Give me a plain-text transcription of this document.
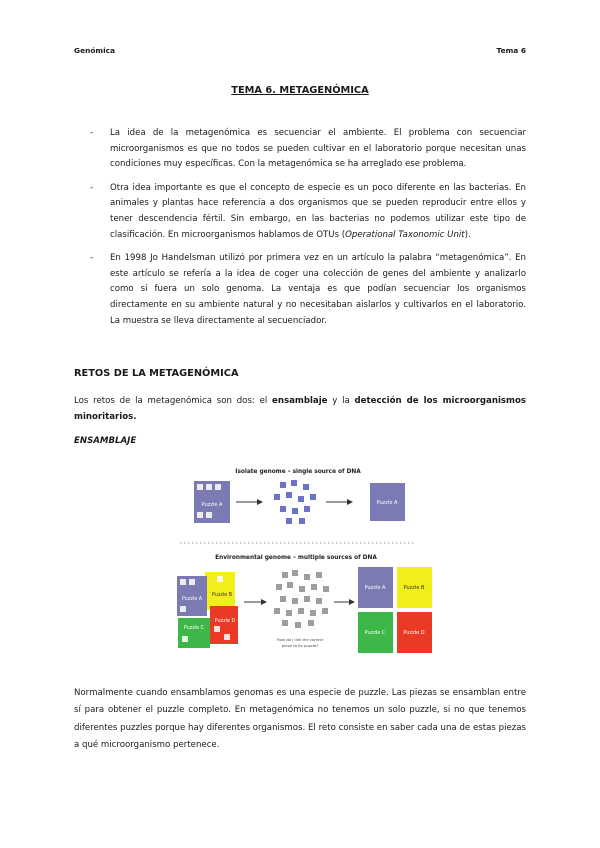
Genómica	Tema 6
TEMA 6. METAGENÓMICA
- La idea de la metagenómica es secuenciar el ambiente. El problema con secuenciar microorganismos es que no todos se pueden cultivar en el laboratorio porque necesitan unas condiciones muy específicas. Con la metagenómica se ha arreglado ese problema.
- Otra idea importante es que el concepto de especie es un poco diferente en las bacterias. En animales y plantas hace referencia a dos organismos que se pueden reproducir entre ellos y tener descendencia fértil. Sin embargo, en las bacterias no podemos utilizar este tipo de clasificación. En microorganismos hablamos de OTUs (Operational Taxonomic Unit).
- En 1998 Jo Handelsman utilizó por primera vez en un artículo la palabra “metagenómica”. En este artículo se refería a la idea de coger una colección de genes del ambiente y analizarlo como si fuera un solo genoma. La ventaja es que podían secuenciar los organismos directamente en su ambiente natural y no necesitaban aislarlos y cultivarlos en el laboratorio. La muestra se lleva directamente al secuenciador.
RETOS DE LA METAGENÓMICA

Los retos de la metagenómica son dos: el ensamblaje y la detección de los microorganismos minoritarios.

ENSAMBLAJE
Isolate genome – single source of DNA
Puzzle A	Puzzle A
Environmental genome – multiple sources of DNA
Puzzle A
Puzzle B
Puzzle D
Puzzle C
How do I link the correct
piece to its puzzle?
Puzzle A	Puzzle B
Puzzle C	Puzzle D

Normalmente cuando ensamblamos genomas es una especie de puzzle. Las piezas se ensamblan entre sí para obtener el puzzle completo. En metagenómica no tenemos un solo puzzle, si no que tenemos diferentes puzzles porque hay diferentes organismos. El reto consiste en saber cada una de estas piezas a qué microorganismo pertenece.
